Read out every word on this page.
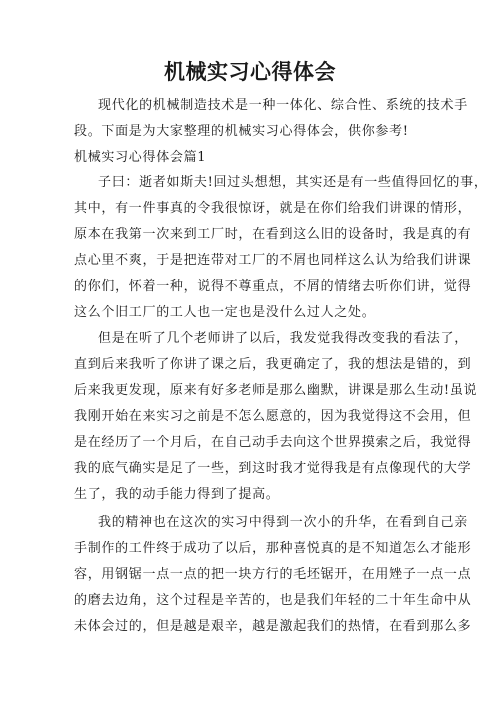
机械实习心得体会
现代化的机械制造技术是一种一体化、综合性、系统的技术手
段。下面是为大家整理的机械实习心得体会，供你参考!
机械实习心得体会篇1
子曰：逝者如斯夫!回过头想想，其实还是有一些值得回忆的事，
其中，有一件事真的令我很惊讶，就是在你们给我们讲课的情形，
原本在我第一次来到工厂时，在看到这么旧的设备时，我是真的有
点心里不爽，于是把连带对工厂的不屑也同样这么认为给我们讲课
的你们，怀着一种，说得不尊重点，不屑的情绪去听你们讲，觉得
这么个旧工厂的工人也一定也是没什么过人之处。
但是在听了几个老师讲了以后，我发觉我得改变我的看法了，
直到后来我听了你讲了课之后，我更确定了，我的想法是错的，到
后来我更发现，原来有好多老师是那么幽默，讲课是那么生动!虽说
我刚开始在来实习之前是不怎么愿意的，因为我觉得这不会用，但
是在经历了一个月后，在自己动手去向这个世界摸索之后，我觉得
我的底气确实是足了一些，到这时我才觉得我是有点像现代的大学
生了，我的动手能力得到了提高。
我的精神也在这次的实习中得到一次小的升华，在看到自己亲
手制作的工件终于成功了以后，那种喜悦真的是不知道怎么才能形
容，用钢锯一点一点的把一块方行的毛坯锯开，在用矬子一点一点
的磨去边角，这个过程是辛苦的，也是我们年轻的二十年生命中从
未体会过的，但是越是艰辛，越是激起我们的热情，在看到那么多
